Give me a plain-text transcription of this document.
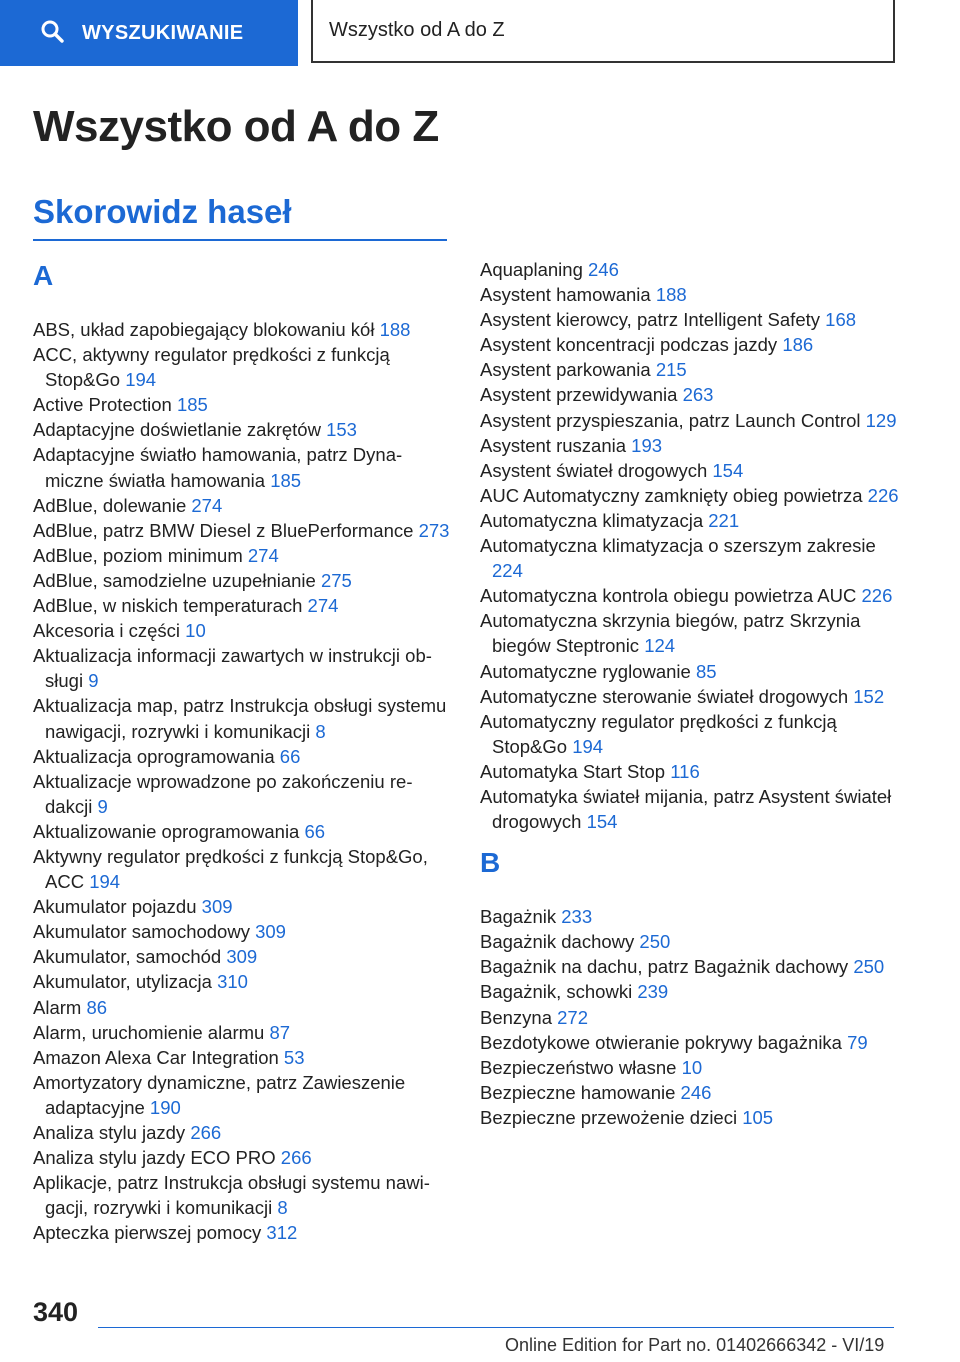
WYSZUKIWANIE	Wszystko od A do Z
Wszystko od A do Z
Skorowidz haseł
A
ABS, układ zapobiegający blokowaniu kół 188
ACC, aktywny regulator prędkości z funkcją Stop&Go 194
Active Protection 185
Adaptacyjne doświetlanie zakrętów 153
Adaptacyjne światło hamowania, patrz Dynamiczne światła hamowania 185
AdBlue, dolewanie 274
AdBlue, patrz BMW Diesel z BluePerformance 273
AdBlue, poziom minimum 274
AdBlue, samodzielne uzupełnianie 275
AdBlue, w niskich temperaturach 274
Akcesoria i części 10
Aktualizacja informacji zawartych w instrukcji obsługi 9
Aktualizacja map, patrz Instrukcja obsługi systemu nawigacji, rozrywki i komunikacji 8
Aktualizacja oprogramowania 66
Aktualizacje wprowadzone po zakończeniu redakcji 9
Aktualizowanie oprogramowania 66
Aktywny regulator prędkości z funkcją Stop&Go, ACC 194
Akumulator pojazdu 309
Akumulator samochodowy 309
Akumulator, samochód 309
Akumulator, utylizacja 310
Alarm 86
Alarm, uruchomienie alarmu 87
Amazon Alexa Car Integration 53
Amortyzatory dynamiczne, patrz Zawieszenie adaptacyjne 190
Analiza stylu jazdy 266
Analiza stylu jazdy ECO PRO 266
Aplikacje, patrz Instrukcja obsługi systemu nawigacji, rozrywki i komunikacji 8
Apteczka pierwszej pomocy 312
Aquaplaning 246
Asystent hamowania 188
Asystent kierowcy, patrz Intelligent Safety 168
Asystent koncentracji podczas jazdy 186
Asystent parkowania 215
Asystent przewidywania 263
Asystent przyspieszania, patrz Launch Control 129
Asystent ruszania 193
Asystent świateł drogowych 154
AUC Automatyczny zamknięty obieg powietrza 226
Automatyczna klimatyzacja 221
Automatyczna klimatyzacja o szerszym zakresie 224
Automatyczna kontrola obiegu powietrza AUC 226
Automatyczna skrzynia biegów, patrz Skrzynia biegów Steptronic 124
Automatyczne ryglowanie 85
Automatyczne sterowanie świateł drogowych 152
Automatyczny regulator prędkości z funkcją Stop&Go 194
Automatyka Start Stop 116
Automatyka świateł mijania, patrz Asystent świateł drogowych 154
B
Bagażnik 233
Bagażnik dachowy 250
Bagażnik na dachu, patrz Bagażnik dachowy 250
Bagażnik, schowki 239
Benzyna 272
Bezdotykowe otwieranie pokrywy bagażnika 79
Bezpieczeństwo własne 10
Bezpieczne hamowanie 246
Bezpieczne przewożenie dzieci 105
340
Online Edition for Part no. 01402666342 - VI/19
